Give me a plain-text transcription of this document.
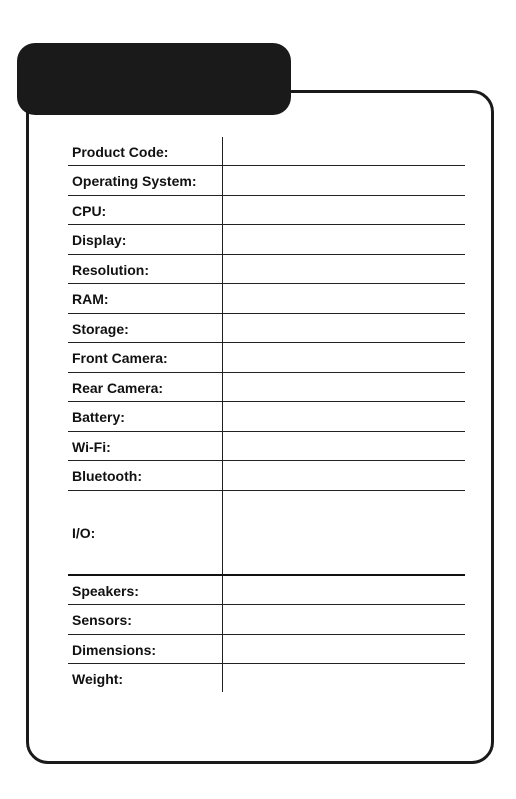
Product Code:
Operating System:
CPU:
Display:
Resolution:
RAM:
Storage:
Front Camera:
Rear Camera:
Battery:
Wi-Fi:
Bluetooth:
I/O:
Speakers:
Sensors:
Dimensions:
Weight:
